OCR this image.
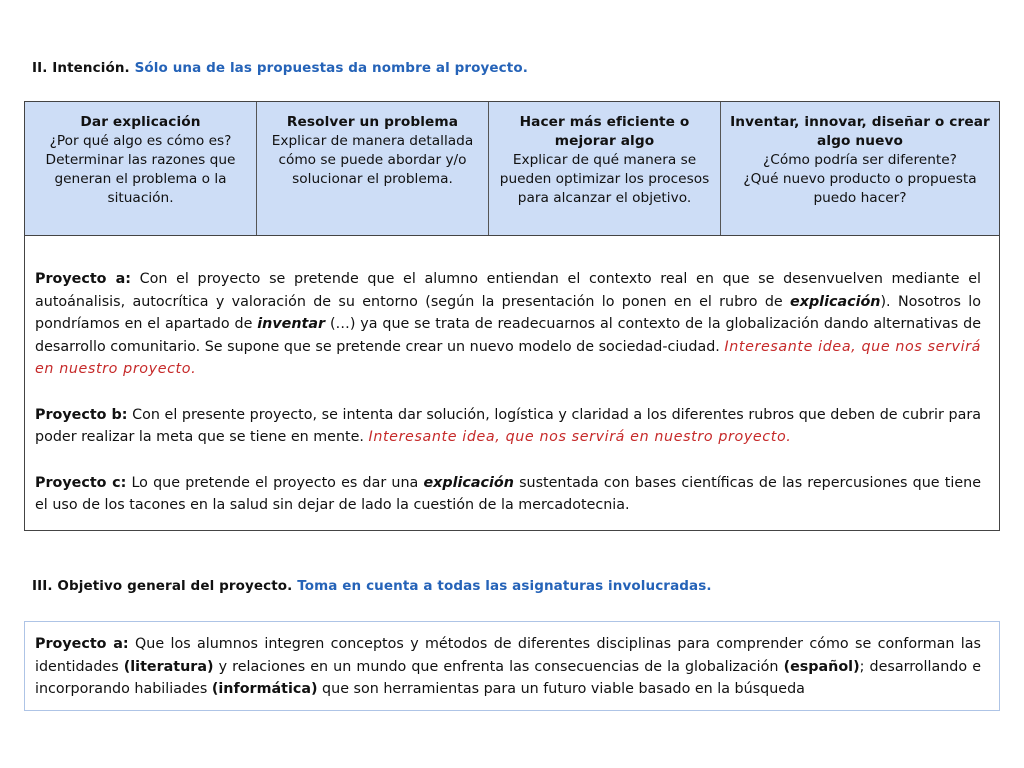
II. Intención. Sólo una de las propuestas da nombre al proyecto.
Dar explicación
¿Por qué algo es cómo es?
Determinar las razones que generan el problema o la situación.
Resolver un problema
Explicar de manera detallada cómo se puede abordar y/o solucionar el problema.
Hacer más eficiente o mejorar algo
Explicar de qué manera se pueden optimizar los procesos para alcanzar el objetivo.
Inventar, innovar, diseñar o crear algo nuevo
¿Cómo podría ser diferente?
¿Qué nuevo producto o propuesta puedo hacer?

Proyecto a: Con el proyecto se pretende que el alumno entiendan el contexto real en que se desenvuelven mediante el autoánalisis, autocrítica y valoración de su entorno (según la presentación lo ponen en el rubro de explicación). Nosotros lo pondríamos en el apartado de inventar (…) ya que se trata de readecuarnos al contexto de la globalización dando alternativas de desarrollo comunitario. Se supone que se pretende crear un nuevo modelo de sociedad-ciudad. Interesante idea, que nos servirá en nuestro proyecto.

Proyecto b: Con el presente proyecto, se intenta dar solución, logística y claridad a los diferentes rubros que deben de cubrir para poder realizar la meta que se tiene en mente. Interesante idea, que nos servirá en nuestro proyecto.

Proyecto c: Lo que pretende el proyecto es dar una explicación sustentada con bases científicas de las repercusiones que tiene el uso de los tacones en la salud sin dejar de lado la cuestión de la mercadotecnia.

III. Objetivo general del proyecto. Toma en cuenta a todas las asignaturas involucradas.

Proyecto a: Que los alumnos integren conceptos y métodos de diferentes disciplinas para comprender cómo se conforman las identidades (literatura) y relaciones en un mundo que enfrenta las consecuencias de la globalización (español); desarrollando e incorporando habiliades (informática) que son herramientas para un futuro viable basado en la búsqueda
